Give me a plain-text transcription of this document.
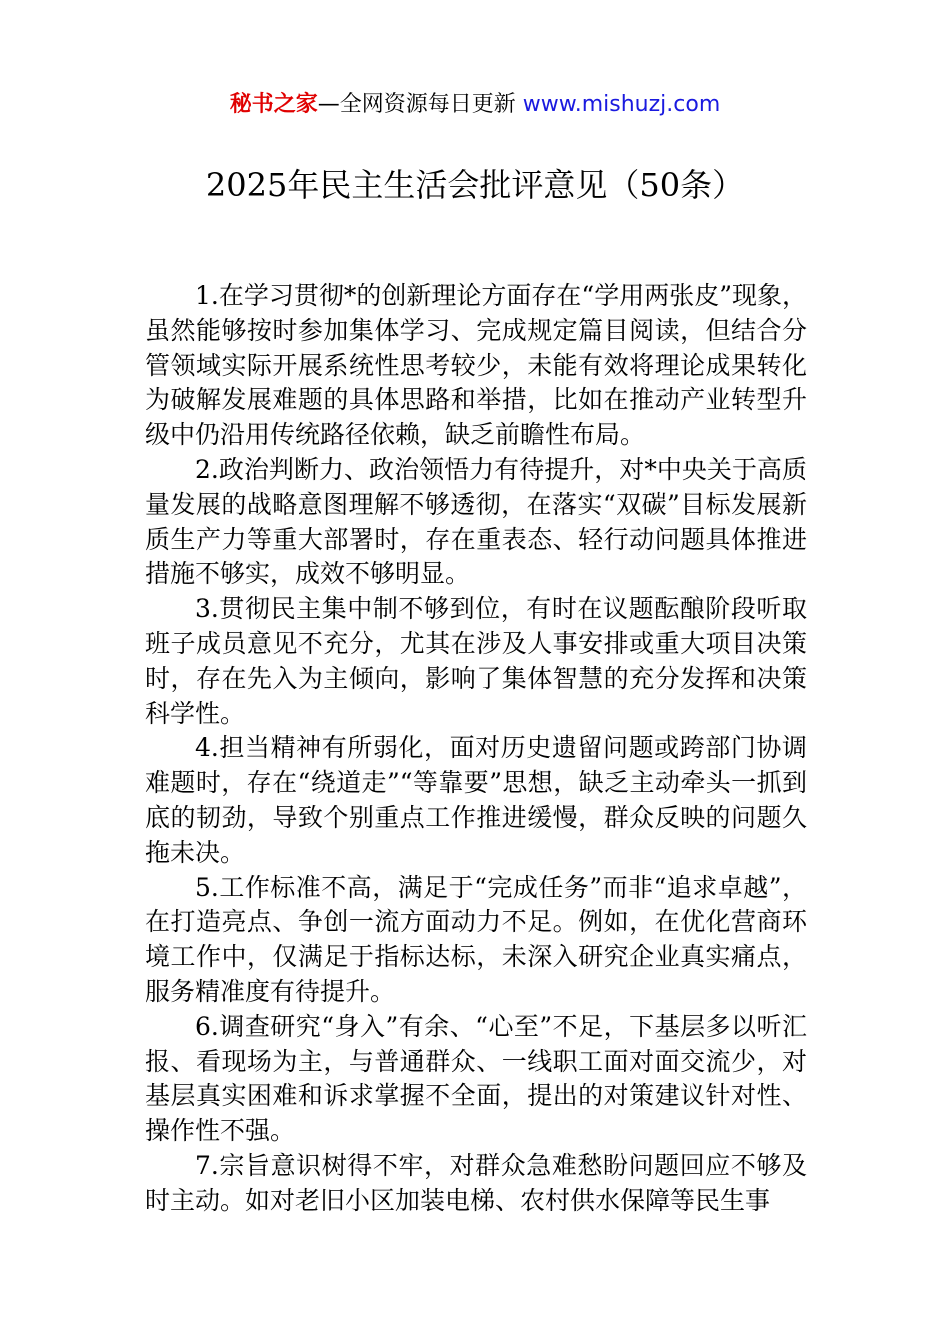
秘书之家—全网资源每日更新 www.mishuzj.com
2025年民主生活会批评意见（50条）

1.在学习贯彻*的创新理论方面存在“学用两张皮”现象，虽然能够按时参加集体学习、完成规定篇目阅读，但结合分管领域实际开展系统性思考较少，未能有效将理论成果转化为破解发展难题的具体思路和举措，比如在推动产业转型升级中仍沿用传统路径依赖，缺乏前瞻性布局。

2.政治判断力、政治领悟力有待提升，对*中央关于高质量发展的战略意图理解不够透彻，在落实“双碳”目标发展新质生产力等重大部署时，存在重表态、轻行动问题具体推进措施不够实，成效不够明显。

3.贯彻民主集中制不够到位，有时在议题酝酿阶段听取班子成员意见不充分，尤其在涉及人事安排或重大项目决策时，存在先入为主倾向，影响了集体智慧的充分发挥和决策科学性。

4.担当精神有所弱化，面对历史遗留问题或跨部门协调难题时，存在“绕道走”“等靠要”思想，缺乏主动牵头一抓到底的韧劲，导致个别重点工作推进缓慢，群众反映的问题久拖未决。

5.工作标准不高，满足于“完成任务”而非“追求卓越”，在打造亮点、争创一流方面动力不足。例如，在优化营商环境工作中，仅满足于指标达标，未深入研究企业真实痛点，服务精准度有待提升。

6.调查研究“身入”有余、“心至”不足，下基层多以听汇报、看现场为主，与普通群众、一线职工面对面交流少，对基层真实困难和诉求掌握不全面，提出的对策建议针对性、操作性不强。

7.宗旨意识树得不牢，对群众急难愁盼问题回应不够及时主动。如对老旧小区加装电梯、农村供水保障等民生事
